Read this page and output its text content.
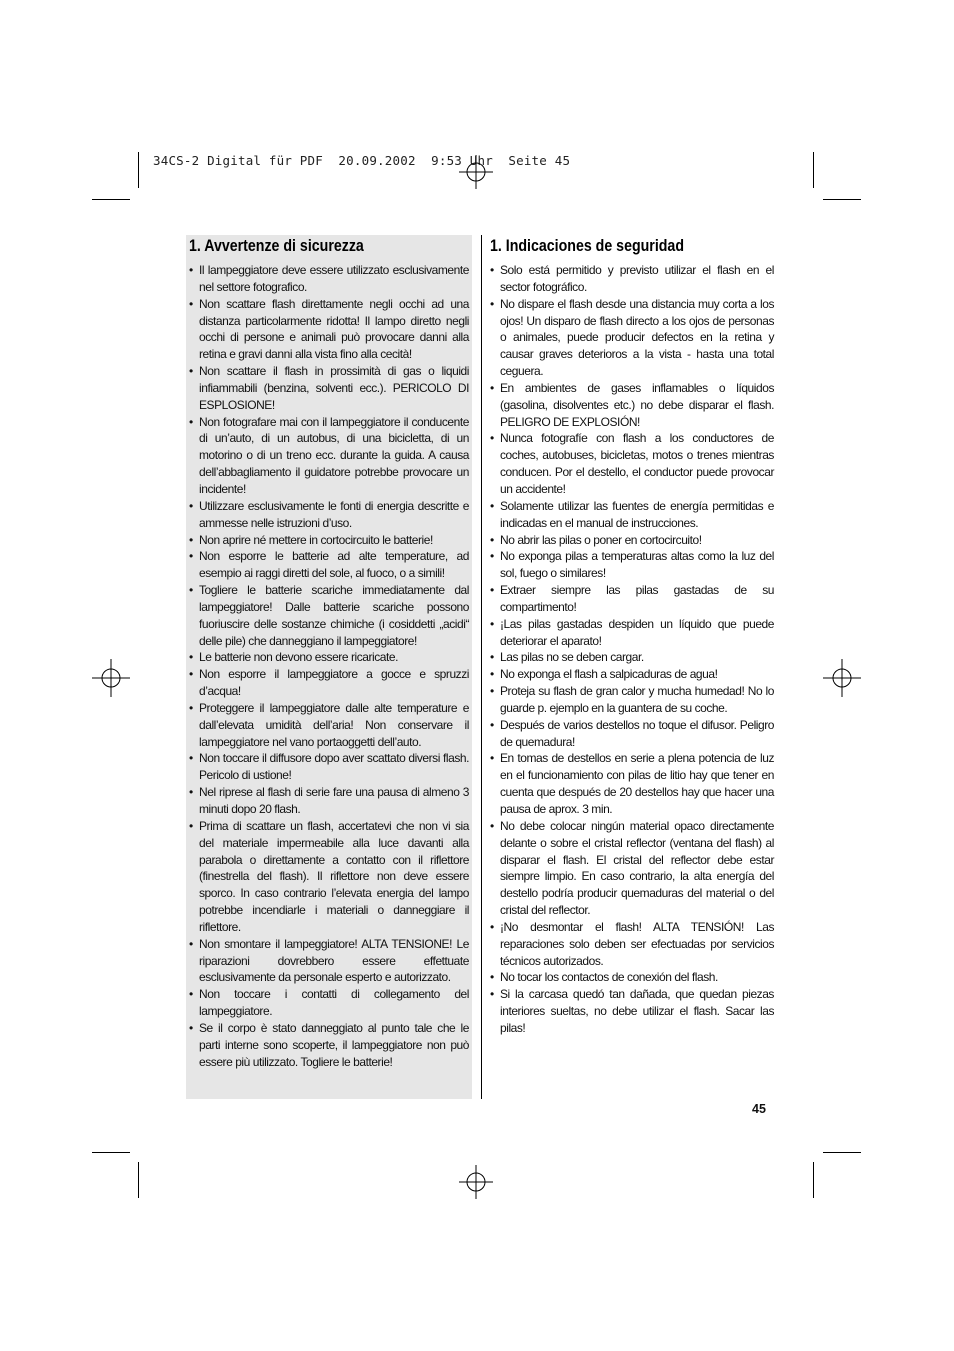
34CS-2 Digital für PDF  20.09.2002  9:53 Uhr  Seite 45
1. Avvertenze di sicurezza
• Il lampeggiatore deve essere utilizzato esclusivamente nel settore fotografico.
• Non scattare flash direttamente negli occhi ad una distanza particolarmente ridotta! Il lampo diretto negli occhi di persone e animali può provocare danni alla retina e gravi danni alla vista fino alla cecità!
• Non scattare il flash in prossimità di gas o liquidi infiammabili (benzina, solventi ecc.). PERICOLO DI ESPLOSIONE!
• Non fotografare mai con il lampeggiatore il conducente di un’auto, di un autobus, di una bicicletta, di un motorino o di un treno ecc. durante la guida. A causa dell’abbagliamento il guidatore potrebbe provocare un incidente!
• Utilizzare esclusivamente le fonti di energia descritte e ammesse nelle istruzioni d’uso.
• Non aprire né mettere in cortocircuito le batterie!
• Non esporre le batterie ad alte temperature, ad esempio ai raggi diretti del sole, al fuoco, o a simili!
• Togliere le batterie scariche immediatamente dal lampeggiatore! Dalle batterie scariche possono fuoriuscire delle sostanze chimiche (i cosiddetti „acidi“ delle pile) che danneggiano il lampeggiatore!
• Le batterie non devono essere ricaricate.
• Non esporre il lampeggiatore a gocce e spruzzi d’acqua!
• Proteggere il lampeggiatore dalle alte temperature e dall’elevata umidità dell’aria! Non conservare il lampeggiatore nel vano portaoggetti dell’auto.
• Non toccare il diffusore dopo aver scattato diversi flash. Pericolo di ustione!
• Nel riprese al flash di serie fare una pausa di almeno 3 minuti dopo 20 flash.
• Prima di scattare un flash, accertatevi che non vi sia del materiale impermeabile alla luce davanti alla parabola o direttamente a contatto con il riflettore (finestrella del flash). Il riflettore non deve essere sporco. In caso contrario l’elevata energia del lampo potrebbe incendiarle i materiali o danneggiare il riflettore.
• Non smontare il lampeggiatore! ALTA TENSIONE! Le riparazioni dovrebbero essere effettuate esclusivamente da personale esperto e autorizzato.
• Non toccare i contatti di collegamento del lampeggiatore.
• Se il corpo è stato danneggiato al punto tale che le parti interne sono scoperte, il lampeggiatore non può essere più utilizzato. Togliere le batterie!
1. Indicaciones de seguridad
• Solo está permitido y previsto utilizar el flash en el sector fotográfico.
• No dispare el flash desde una distancia muy corta a los ojos! Un disparo de flash directo a los ojos de personas o animales, puede producir defectos en la retina y causar graves deterioros a la vista - hasta una total ceguera.
• En ambientes de gases inflamables o líquidos (gasolina, disolventes etc.) no debe disparar el flash. PELIGRO DE EXPLOSIÓN!
• Nunca fotografíe con flash a los conductores de coches, autobuses, bicicletas, motos o trenes mientras conducen. Por el destello, el conductor puede provocar un accidente!
• Solamente utilizar las fuentes de energía permitidas e indicadas en el manual de instrucciones.
• No abrir las pilas o poner en cortocircuito!
• No exponga pilas a temperaturas altas como la luz del sol, fuego o similares!
• Extraer siempre las pilas gastadas de su compartimento!
• ¡Las pilas gastadas despiden un líquido que puede deteriorar el aparato!
• Las pilas no se deben cargar.
• No exponga el flash a salpicaduras de agua!
• Proteja su flash de gran calor y mucha humedad! No lo guarde p. ejemplo en la guantera de su coche.
• Después de varios destellos no toque el difusor. Peligro de quemadura!
• En tomas de destellos en serie a plena potencia de luz en el funcionamiento con pilas de litio hay que tener en cuenta que después de 20 destellos hay que hacer una pausa de aprox. 3 min.
• No debe colocar ningún material opaco directamente delante o sobre el cristal reflector (ventana del flash) al disparar el flash. El cristal del reflector debe estar siempre limpio. En caso contrario, la alta energía del destello podría producir quemaduras del material o del cristal del reflector.
• ¡No desmontar el flash! ALTA TENSIÓN! Las reparaciones solo deben ser efectuadas por servicios técnicos autorizados.
• No tocar los contactos de conexión del flash.
• Si la carcasa quedó tan dañada, que quedan piezas interiores sueltas, no debe utilizar el flash. Sacar las pilas!
45
